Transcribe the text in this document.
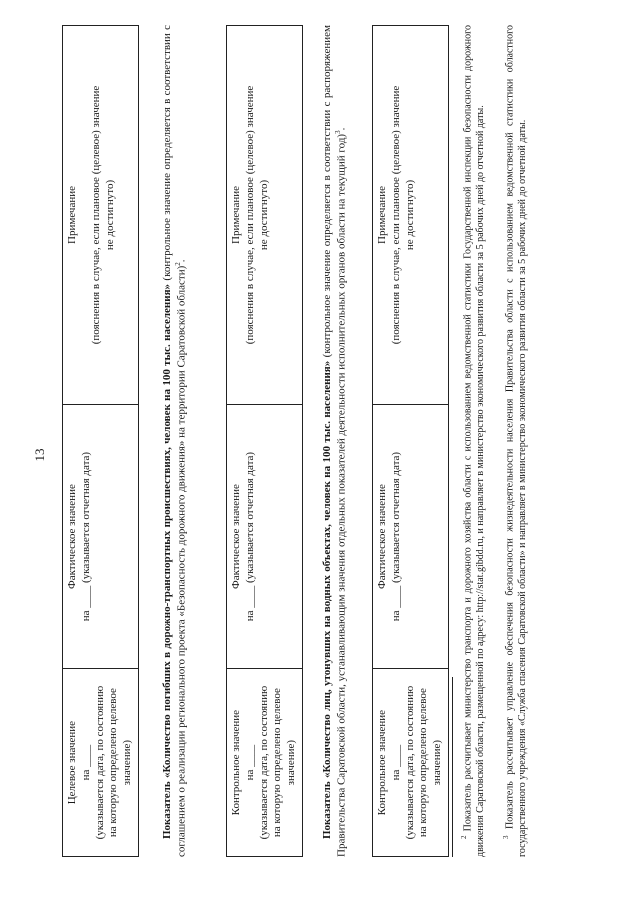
13
Целевое значение на ____ (указывается дата, по состоянию на которую определено целевое значение)

Фактическое значение
на ____ (указывается отчетная дата)

Примечание (пояснения в случае, если плановое (целевое) значение не достигнуто)
Показатель «Количество погибших в дорожно-транспортных происшествиях, человек на 100 тыс. населения» (контрольное значение определяется в соответствии с соглашением о реализации регионального проекта «Безопасность дорожного движения» на территории Саратовской области)$^2$.
Контрольное значение на ____ (указывается дата, по состоянию на которую определено целевое значение)

Фактическое значение
на ____ (указывается отчетная дата)

Примечание (пояснения в случае, если плановое (целевое) значение не достигнуто)
Показатель «Количество лиц, утонувших на водных объектах, человек на 100 тыс. населения» (контрольное значение определяется в соответствии с распоряжением Правительства Саратовской области, устанавливающим значения отдельных показателей деятельности исполнительных органов области на текущий год)$^3$.
Контрольное значение на ____ (указывается дата, по состоянию на которую определено целевое значение)

Фактическое значение
на ____ (указывается отчетная дата)

Примечание (пояснения в случае, если плановое (целевое) значение не достигнуто)
$^2$ Показатель рассчитывает министерство транспорта и дорожного хозяйства области с использованием ведомственной статистики Государственной инспекции безопасности дорожного движения Саратовской области, размещенной по адресу: http://stat.gibdd.ru, и направляет в министерство экономического развития области за 5 рабочих дней до отчетной даты. $^3$ Показатель рассчитывает управление обеспечения безопасности жизнедеятельности населения Правительства области с использованием ведомственной статистики областного государственного учреждения «Служба спасения Саратовской области» и направляет в министерство экономического развития области за 5 рабочих дней до отчетной даты.
